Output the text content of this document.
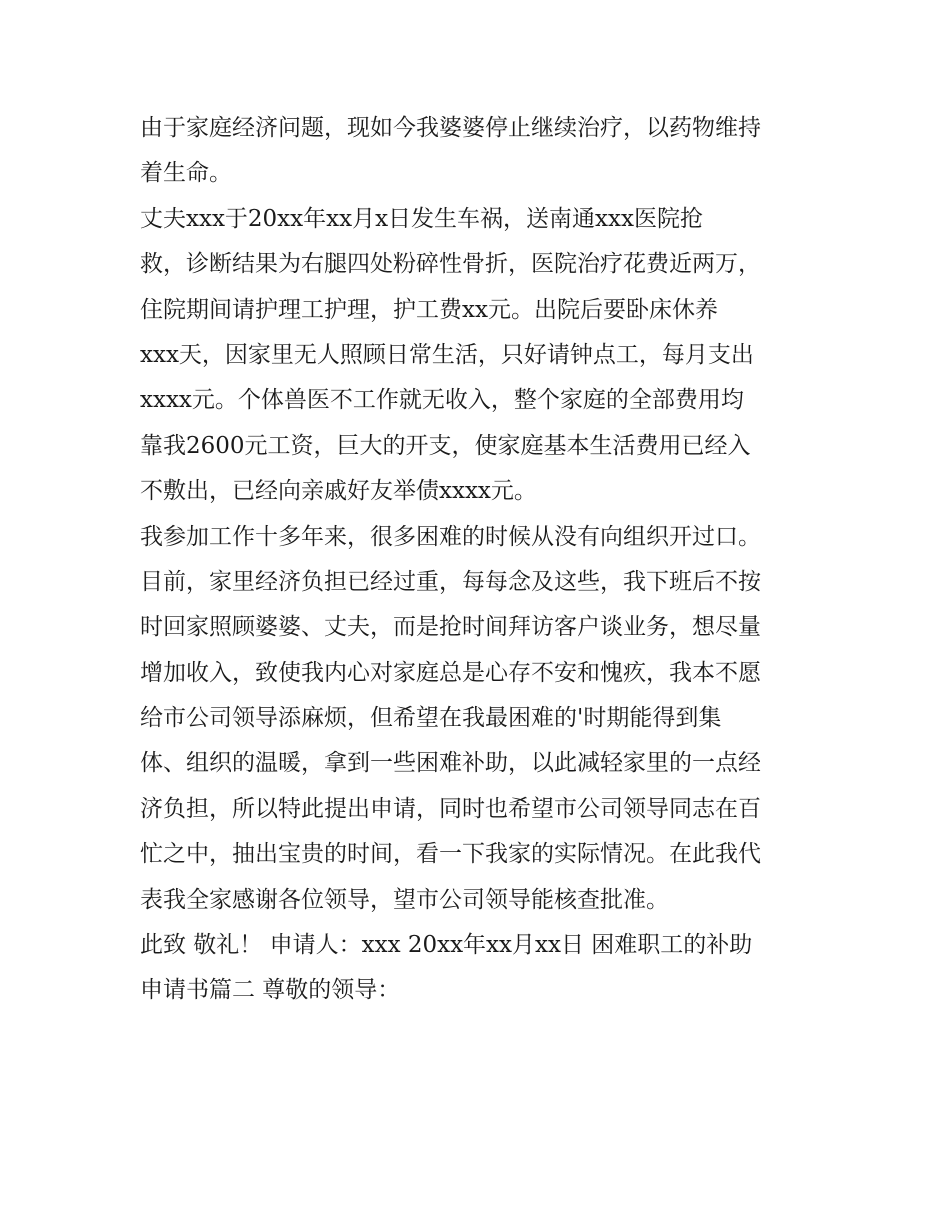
由于家庭经济问题，现如今我婆婆停止继续治疗，以药物维持
着生命。
丈夫xxx于20xx年xx月x日发生车祸，送南通xxx医院抢
救，诊断结果为右腿四处粉碎性骨折，医院治疗花费近两万，
住院期间请护理工护理，护工费xx元。出院后要卧床休养
xxx天，因家里无人照顾日常生活，只好请钟点工，每月支出
xxxx元。个体兽医不工作就无收入，整个家庭的全部费用均
靠我2600元工资，巨大的开支，使家庭基本生活费用已经入
不敷出，已经向亲戚好友举债xxxx元。
我参加工作十多年来，很多困难的时候从没有向组织开过口。
目前，家里经济负担已经过重，每每念及这些，我下班后不按
时回家照顾婆婆、丈夫，而是抢时间拜访客户谈业务，想尽量
增加收入，致使我内心对家庭总是心存不安和愧疚，我本不愿
给市公司领导添麻烦，但希望在我最困难的'时期能得到集
体、组织的温暖，拿到一些困难补助，以此减轻家里的一点经
济负担，所以特此提出申请，同时也希望市公司领导同志在百
忙之中，抽出宝贵的时间，看一下我家的实际情况。在此我代
表我全家感谢各位领导，望市公司领导能核查批准。
此致 敬礼！ 申请人：xxx 20xx年xx月xx日 困难职工的补助
申请书篇二 尊敬的领导：
